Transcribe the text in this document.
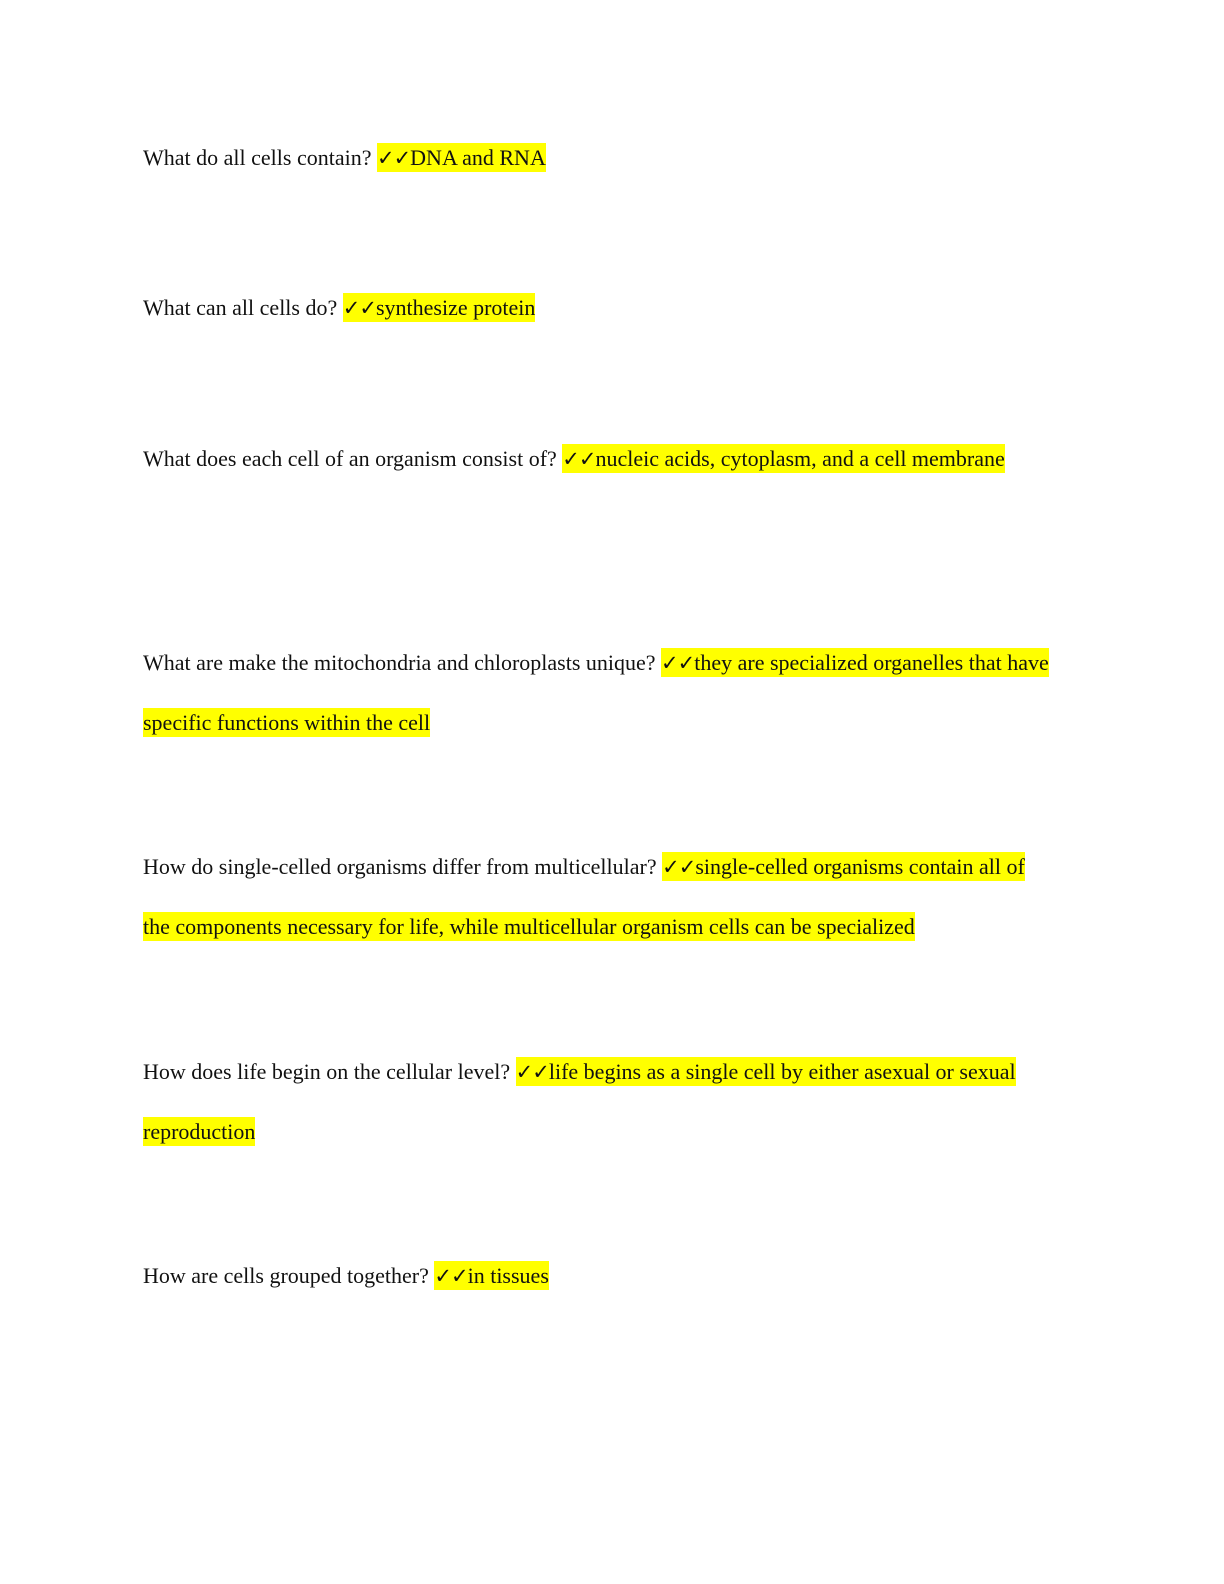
What do all cells contain? ✓✓DNA and RNA

What can all cells do? ✓✓synthesize protein

What does each cell of an organism consist of? ✓✓nucleic acids, cytoplasm, and a cell membrane

What are make the mitochondria and chloroplasts unique? ✓✓they are specialized organelles that have specific functions within the cell

How do single-celled organisms differ from multicellular? ✓✓single-celled organisms contain all of the components necessary for life, while multicellular organism cells can be specialized

How does life begin on the cellular level? ✓✓life begins as a single cell by either asexual or sexual reproduction

How are cells grouped together? ✓✓in tissues
